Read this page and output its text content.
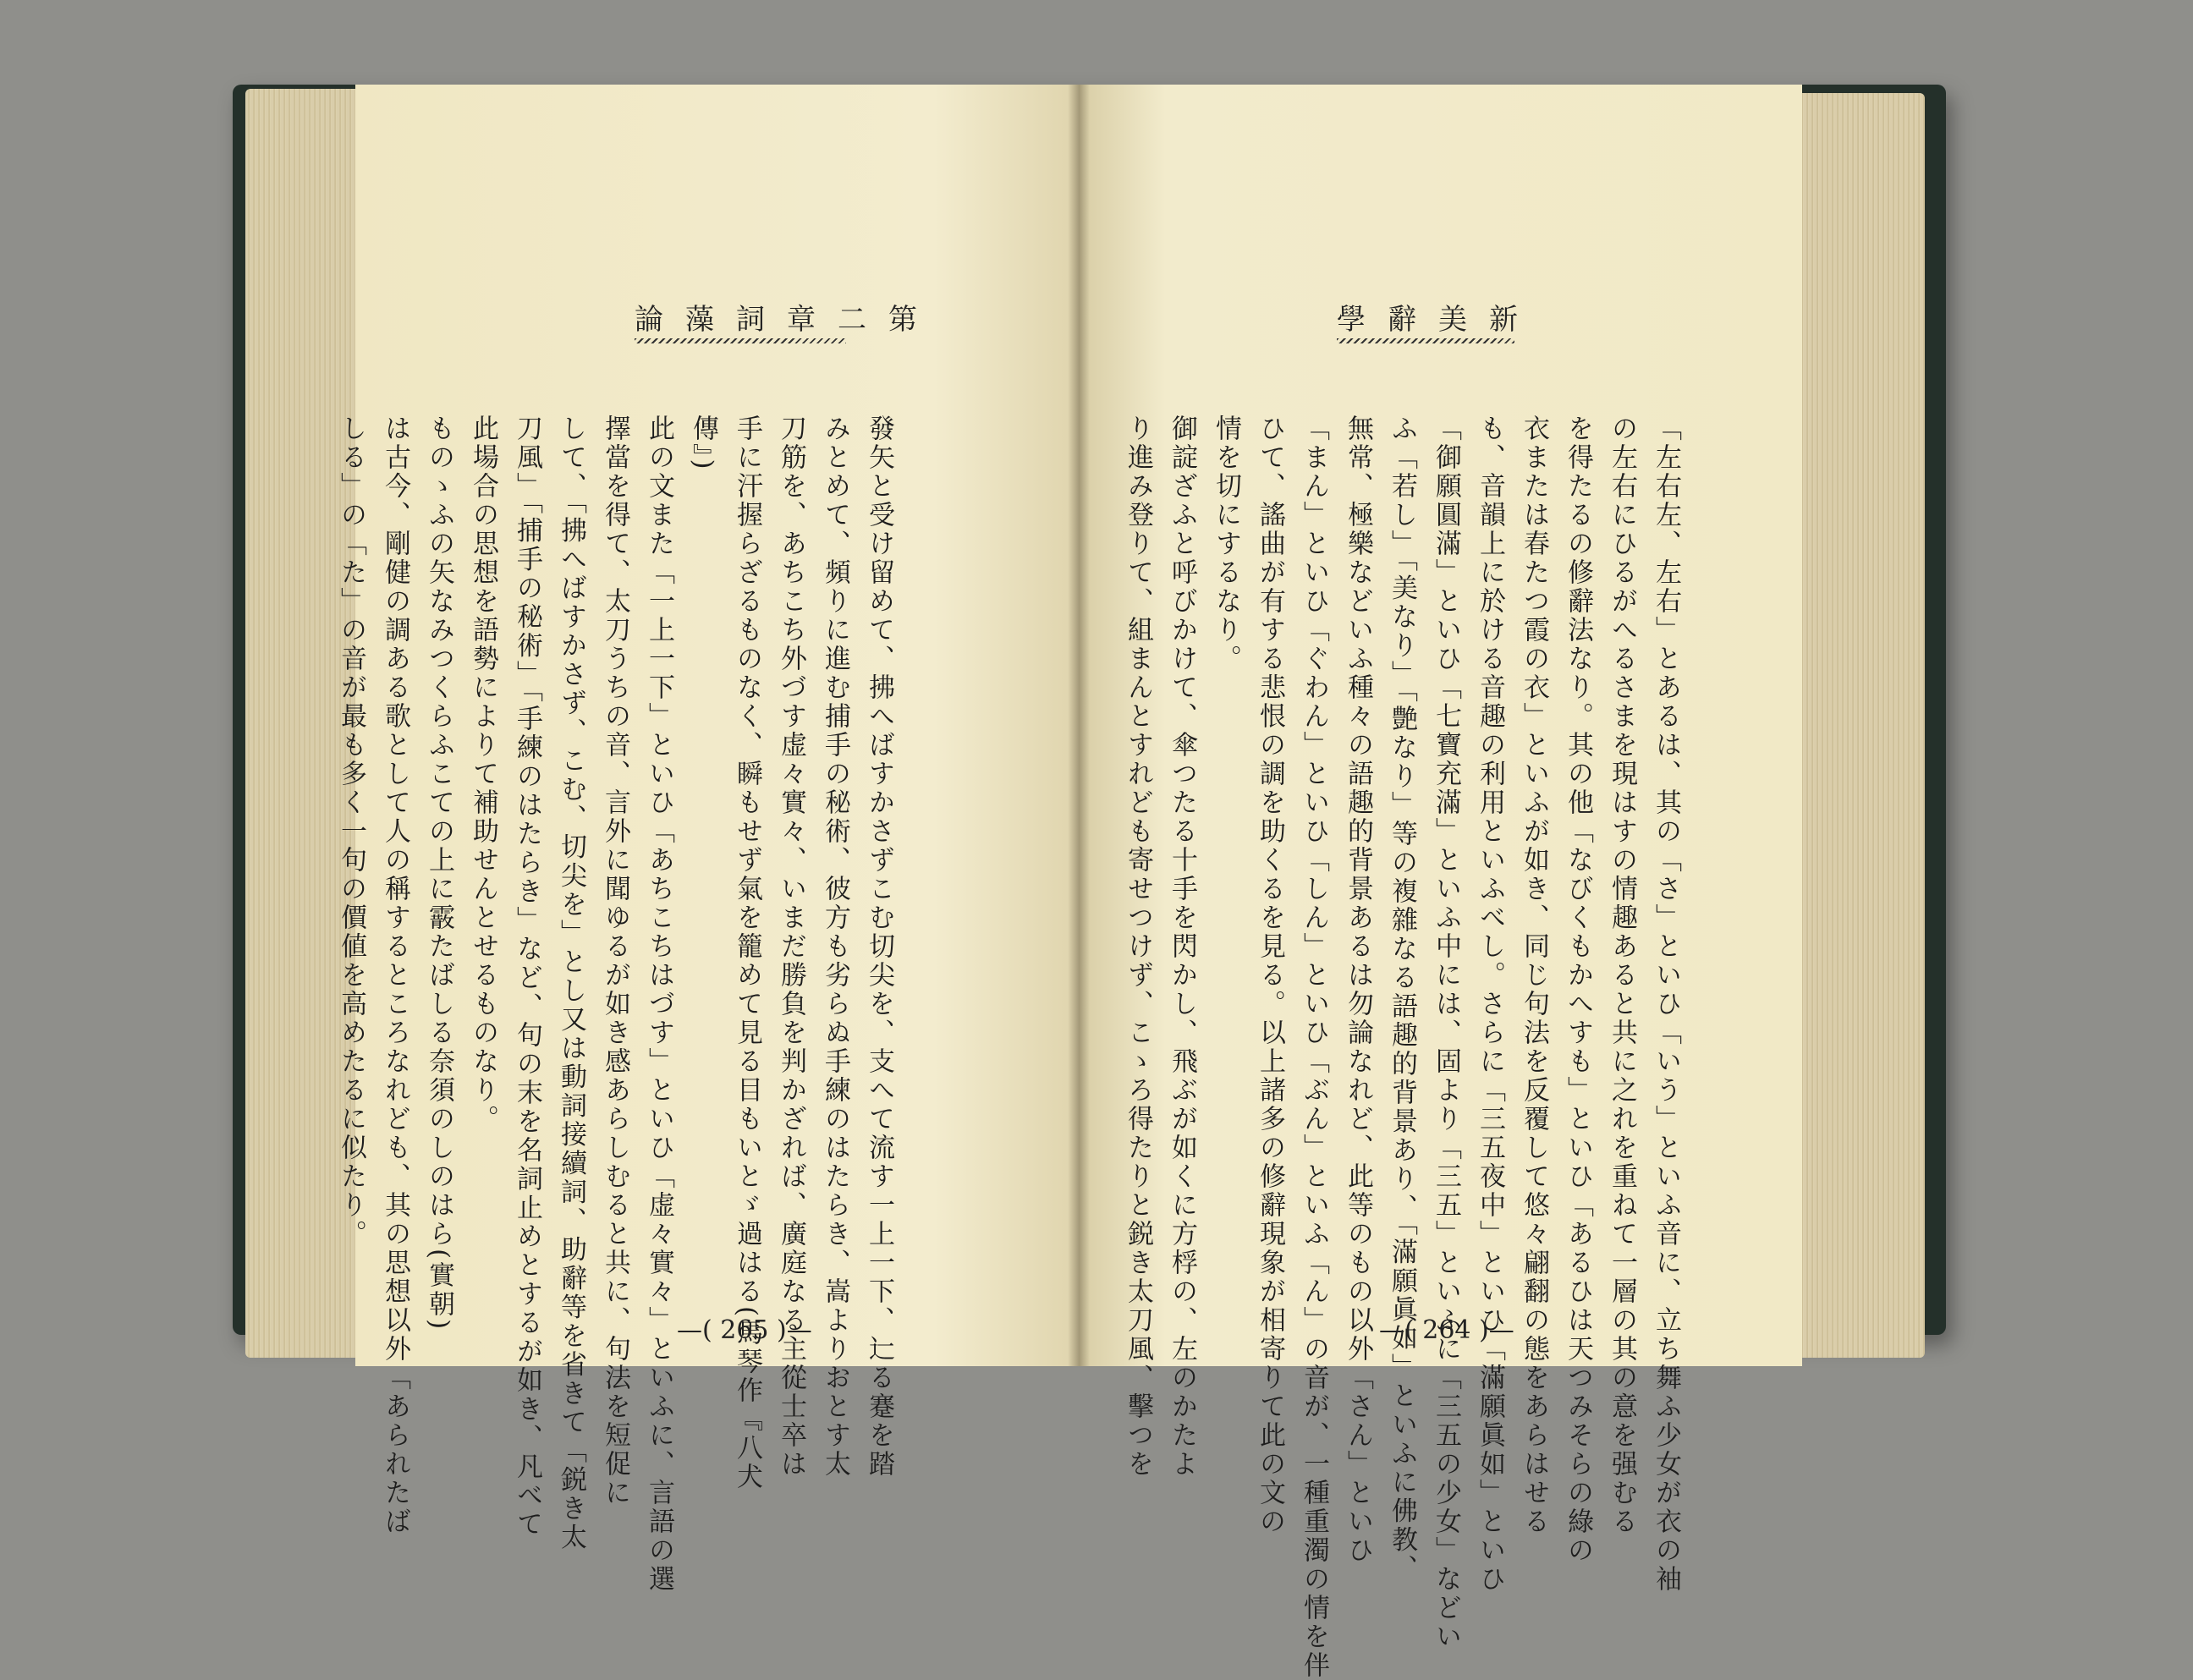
論藻詞章二第

發矢と受け留めて、拂へばすかさずこむ切尖を、支へて流す一上一下、辷る蹇を踏

みとめて、頻りに進む捕手の秘術、彼方も劣らぬ手練のはたらき、嵩よりおとす太

刀筋を、あちこち外づす虚々實々、いまだ勝負を判かざれば、廣庭なる主從士卒は

手に汗握らざるものなく、瞬もせず氣を籠めて見る目もいとゞ過はる(馬琴作『八犬

傳』)

此の文また「一上一下」といひ「あちこちはづす」といひ「虚々實々」といふに、言語の選

擇當を得て、太刀うちの音、言外に聞ゆるが如き感あらしむると共に、句法を短促に

して、「拂へばすかさず、こむ、切尖を」とし又は動詞接續詞、助辭等を省きて「鋭き太

刀風」「捕手の秘術」「手練のはたらき」など、句の末を名詞止めとするが如き、凡べて

此場合の思想を語勢によりて補助せんとせるものなり。

ものゝふの矢なみつくらふこての上に霰たばしる奈須のしのはら(實朝)

は古今、剛健の調ある歌として人の稱するところなれども、其の思想以外「あられたば

しる」の「た」の音が最も多く一句の價値を高めたるに似たり。

—( 265 )—
學辭美新

「左右左、左右」とあるは、其の「さ」といひ「いう」といふ音に、立ち舞ふ少女が衣の袖

の左右にひるがへるさまを現はすの情趣あると共に之れを重ねて一層の其の意を强むる

を得たるの修辭法なり。其の他「なびくもかへすも」といひ「あるひは天つみそらの綠の

衣または春たつ霞の衣」といふが如き、同じ句法を反覆して悠々翩翻の態をあらはせる

も、音韻上に於ける音趣の利用といふべし。さらに「三五夜中」といひ「滿願眞如」といひ

「御願圓滿」といひ「七寶充滿」といふ中には、固より「三五」といふに「三五の少女」などい

ふ「若し」「美なり」「艶なり」等の複雜なる語趣的背景あり、「滿願眞如」といふに佛教、

無常、極樂などいふ種々の語趣的背景あるは勿論なれど、此等のもの以外「さん」といひ

「まん」といひ「ぐわん」といひ「しん」といひ「ぶん」といふ「ん」の音が、一種重濁の情を伴

ひて、謠曲が有する悲恨の調を助くるを見る。以上諸多の修辭現象が相寄りて此の文の

情を切にするなり。

御諚ざふと呼びかけて、傘つたる十手を閃かし、飛ぶが如くに方桴の、左のかたよ

り進み登りて、組まんとすれども寄せつけず、こゝろ得たりと鋭き太刀風、擊つを	—( 264 )—
